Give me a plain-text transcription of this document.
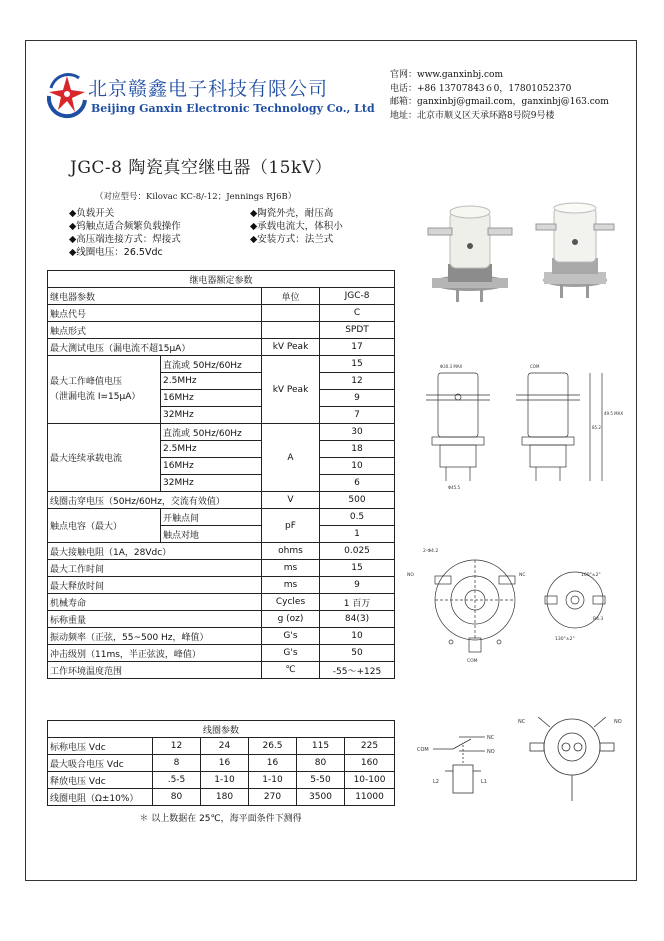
北京赣鑫电子科技有限公司
Beijing Ganxin Electronic Technology Co., Ltd
官网：www.ganxinbj.com
电话：+86 13707843６0，17801052370
邮箱：ganxinbj@gmail.com，ganxinbj@163.com
地址：北京市顺义区天承环路8号院9号楼
JGC-8 陶瓷真空继电器（15kV）
（对应型号：Kilovac KC-8/-12；Jennings RJ6B）
◆负载开关
◆钨触点适合频繁负载操作
◆高压端连接方式：焊接式
◆线圈电压：26.5Vdc
◆陶瓷外壳，耐压高
◆承载电流大，体积小
◆安装方式：法兰式
继电器额定参数			
继电器参数		单位	JGC-8
触点代号			C
触点形式			SPDT
最大测试电压（漏电流不超15μA）		kV Peak	17

最大工作峰值电压
（泄漏电流 I=15μA）	直流或 50Hz/60Hz	kV Peak	15
	2.5MHz		12
	16MHz		9
	32MHz		7
最大连续承载电流	直流或 50Hz/60Hz	A	30
	2.5MHz		18
	16MHz		10
	32MHz		6
线圈击穿电压（50Hz/60Hz，交流有效值）		V	500
触点电容（最大）	开触点间	pF	0.5
	触点对地		1
最大接触电阻（1A，28Vdc）		ohms	0.025
最大工作时间		ms	15
最大释放时间		ms	9
机械寿命		Cycles	1 百万
标称重量		g (oz)	84(3)
振动频率（正弦，55~500 Hz，峰值）		G's	10
冲击级别（11ms，半正弦波，峰值）		G's	50
工作环境温度范围		℃	-55～+125
线圈参数					
标称电压 Vdc	12	24	26.5	115	225
最大吸合电压 Vdc	8	16	16	80	160
释放电压 Vdc	.5-5	1-10	1-10	5-50	10-100
线圈电阻（Ω±10%）	80	180	270	3500	11000
＊ 以上数据在 25℃，海平面条件下测得
Φ30.3 MAX
Φ45.5
COM
85.2
49.5 MAX
NO	NC
COM
2-Φ4.2
100°±2°
130°±2°
R4.3
COM
NC
NO
L2	L1
NC	NO
